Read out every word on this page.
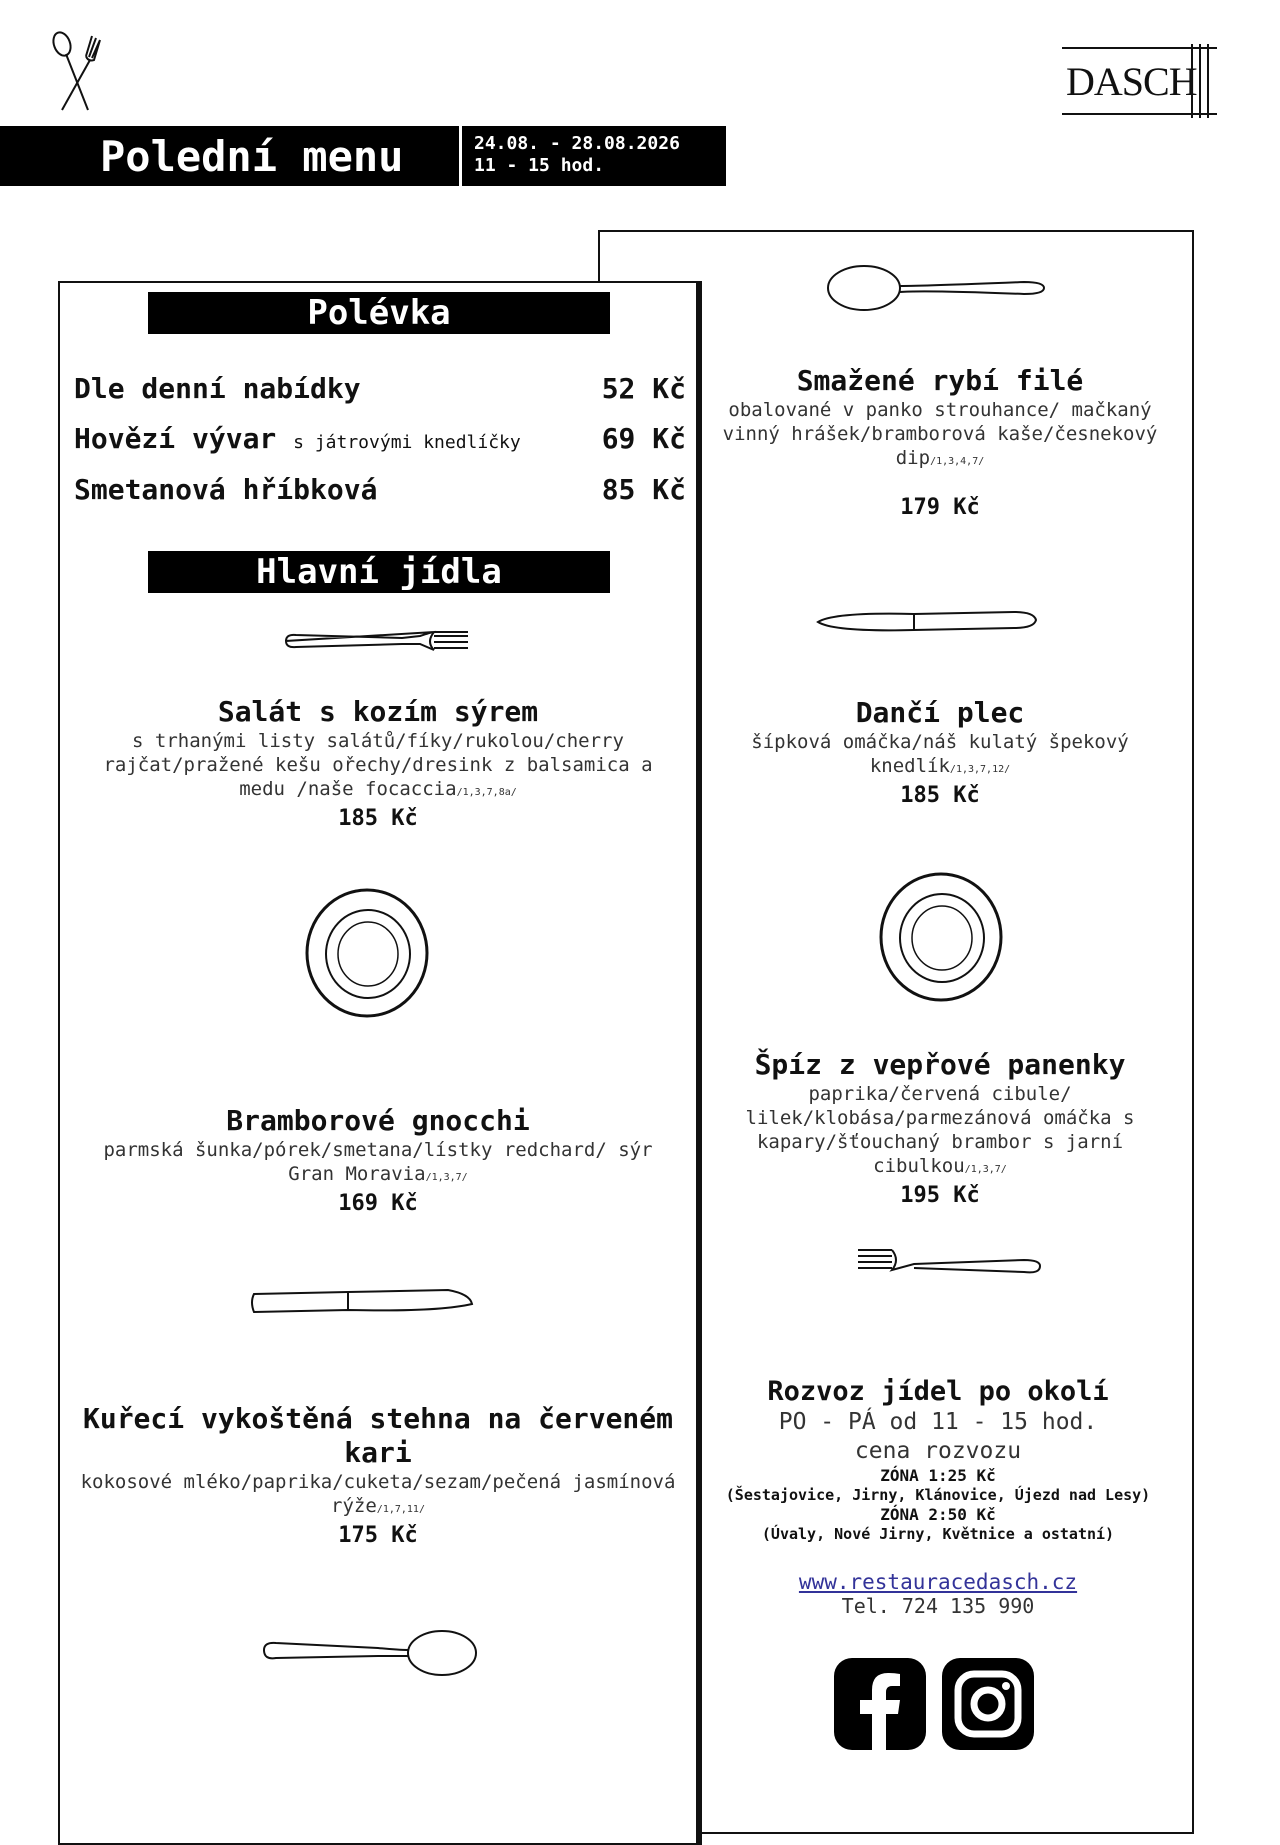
DASCH
Polední menu	24.08. - 28.08.2026
11 - 15 hod.
Polévka
Dle denní nabídky	52 Kč
Hovězí vývar s játrovými knedlíčky	69 Kč
Smetanová hříbková	85 Kč
Hlavní jídla
Salát s kozím sýrem
s trhanými listy salátů/fíky/rukolou/cherry rajčat/pražené kešu ořechy/dresink z balsamica a medu /naše focaccia/1,3,7,8a/
185 Kč
Bramborové gnocchi
parmská šunka/pórek/smetana/lístky redchard/ sýr Gran Moravia/1,3,7/
169 Kč
Kuřecí vykoštěná stehna na červeném kari
kokosové mléko/paprika/cuketa/sezam/pečená jasmínová rýže/1,7,11/
175 Kč
Smažené rybí filé
obalované v panko strouhance/ mačkaný vinný hrášek/bramborová kaše/česnekový dip/1,3,4,7/
179 Kč
Dančí plec
šípková omáčka/náš kulatý špekový knedlík/1,3,7,12/
185 Kč
Špíz z vepřové panenky
paprika/červená cibule/ lilek/klobása/parmezánová omáčka s kapary/šťouchaný brambor s jarní cibulkou/1,3,7/
195 Kč
Rozvoz jídel po okolí
PO - PÁ od 11 - 15 hod.
cena rozvozu
ZÓNA 1:25 Kč
(Šestajovice, Jirny, Klánovice, Újezd nad Lesy)
ZÓNA 2:50 Kč
(Úvaly, Nové Jirny, Květnice a ostatní)
www.restauracedasch.cz
Tel. 724 135 990
